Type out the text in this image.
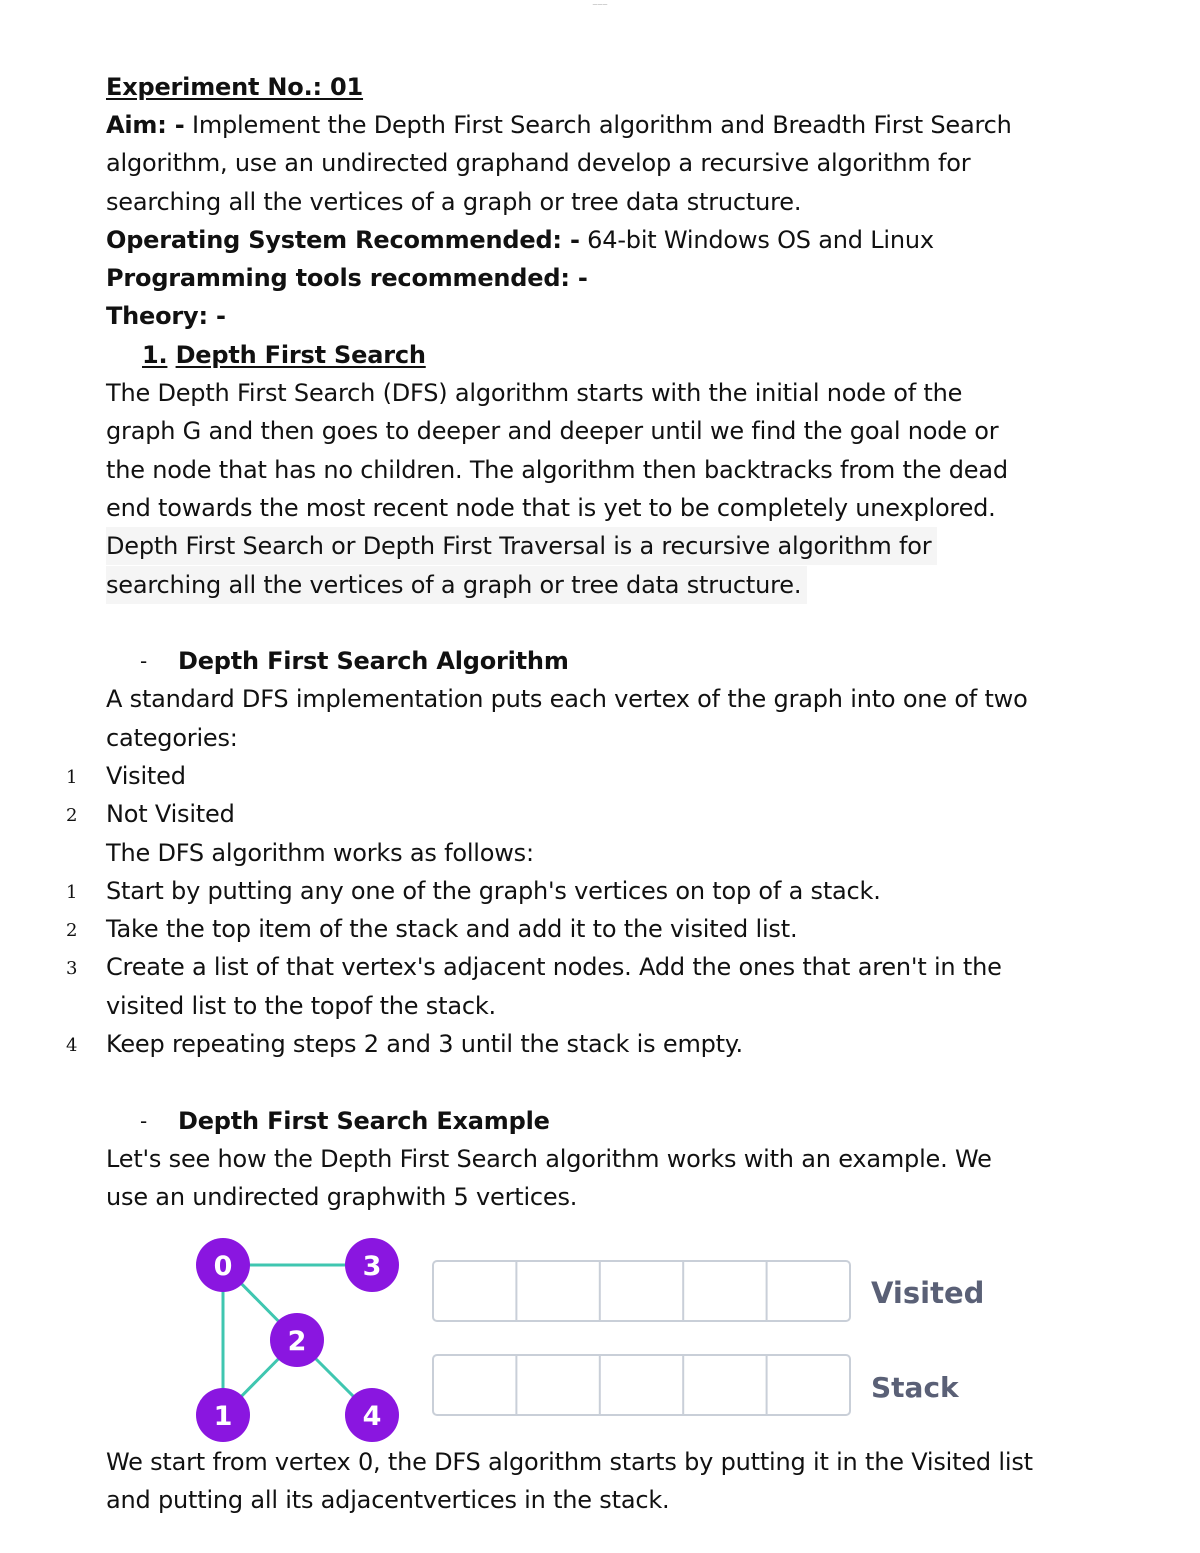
———
Experiment No.: 01
Aim: - Implement the Depth First Search algorithm and Breadth First Search
algorithm, use an undirected graphand develop a recursive algorithm for
searching all the vertices of a graph or tree data structure.
Operating System Recommended: - 64-bit Windows OS and Linux
Programming tools recommended: -
Theory: -
1. Depth First Search
The Depth First Search (DFS) algorithm starts with the initial node of the
graph G and then goes to deeper and deeper until we find the goal node or
the node that has no children. The algorithm then backtracks from the dead
end towards the most recent node that is yet to be completely unexplored.
Depth First Search or Depth First Traversal is a recursive algorithm for
searching all the vertices of a graph or tree data structure.
- Depth First Search Algorithm
A standard DFS implementation puts each vertex of the graph into one of two
categories:
1 Visited
2 Not Visited
The DFS algorithm works as follows:
1 Start by putting any one of the graph's vertices on top of a stack.
2 Take the top item of the stack and add it to the visited list.
3 Create a list of that vertex's adjacent nodes. Add the ones that aren't in the
visited list to the topof the stack.
4 Keep repeating steps 2 and 3 until the stack is empty.
- Depth First Search Example
Let's see how the Depth First Search algorithm works with an example. We
use an undirected graphwith 5 vertices.
0	3
2
1	4
Visited
Stack
We start from vertex 0, the DFS algorithm starts by putting it in the Visited list
and putting all its adjacentvertices in the stack.
